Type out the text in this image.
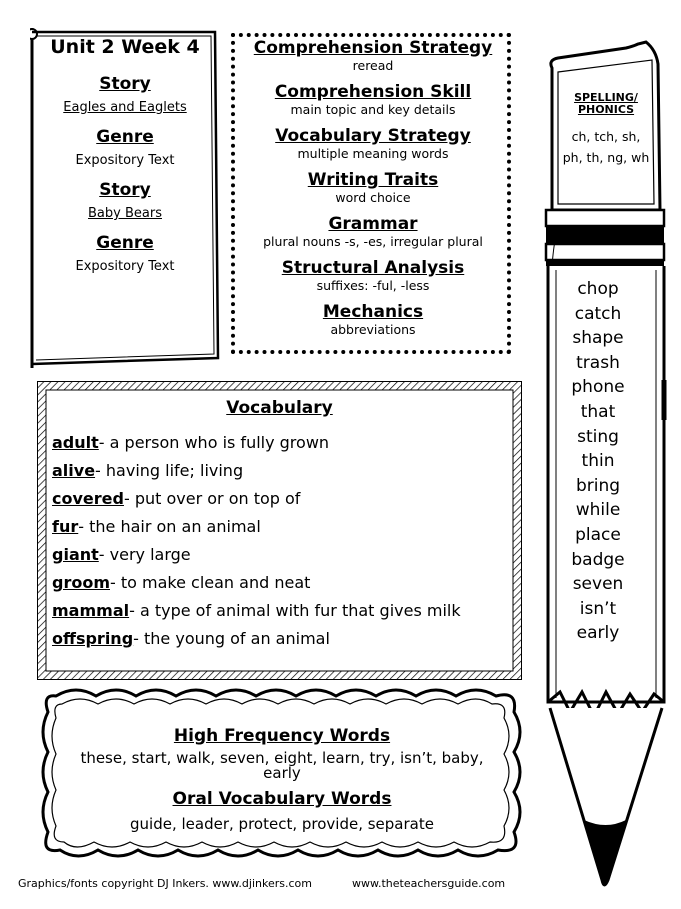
Unit 2 Week 4
Story
Eagles and Eaglets
Genre
Expository Text
Story
Baby Bears
Genre
Expository Text
Comprehension Strategy
reread
Comprehension Skill
main topic and key details
Vocabulary Strategy
multiple meaning words
Writing Traits
word choice
Grammar
plural nouns -s, -es, irregular plural
Structural Analysis
suffixes: -ful, -less
Mechanics
abbreviations
Vocabulary
adult- a person who is fully grown
alive- having life; living
covered- put over or on top of
fur- the hair on an animal
giant- very large
groom- to make clean and neat
mammal- a type of animal with fur that gives milk
offspring- the young of an animal
High Frequency Words
these, start, walk, seven, eight, learn, try, isn’t, baby, early
Oral Vocabulary Words
guide, leader, protect, provide, separate
SPELLING/
PHONICS
ch, tch, sh,
ph, th, ng, wh
chop
catch
shape
trash
phone
that
sting
thin
bring
while
place
badge
seven
isn’t
early
Graphics/fonts copyright DJ Inkers. www.djinkers.com	www.theteachersguide.com
